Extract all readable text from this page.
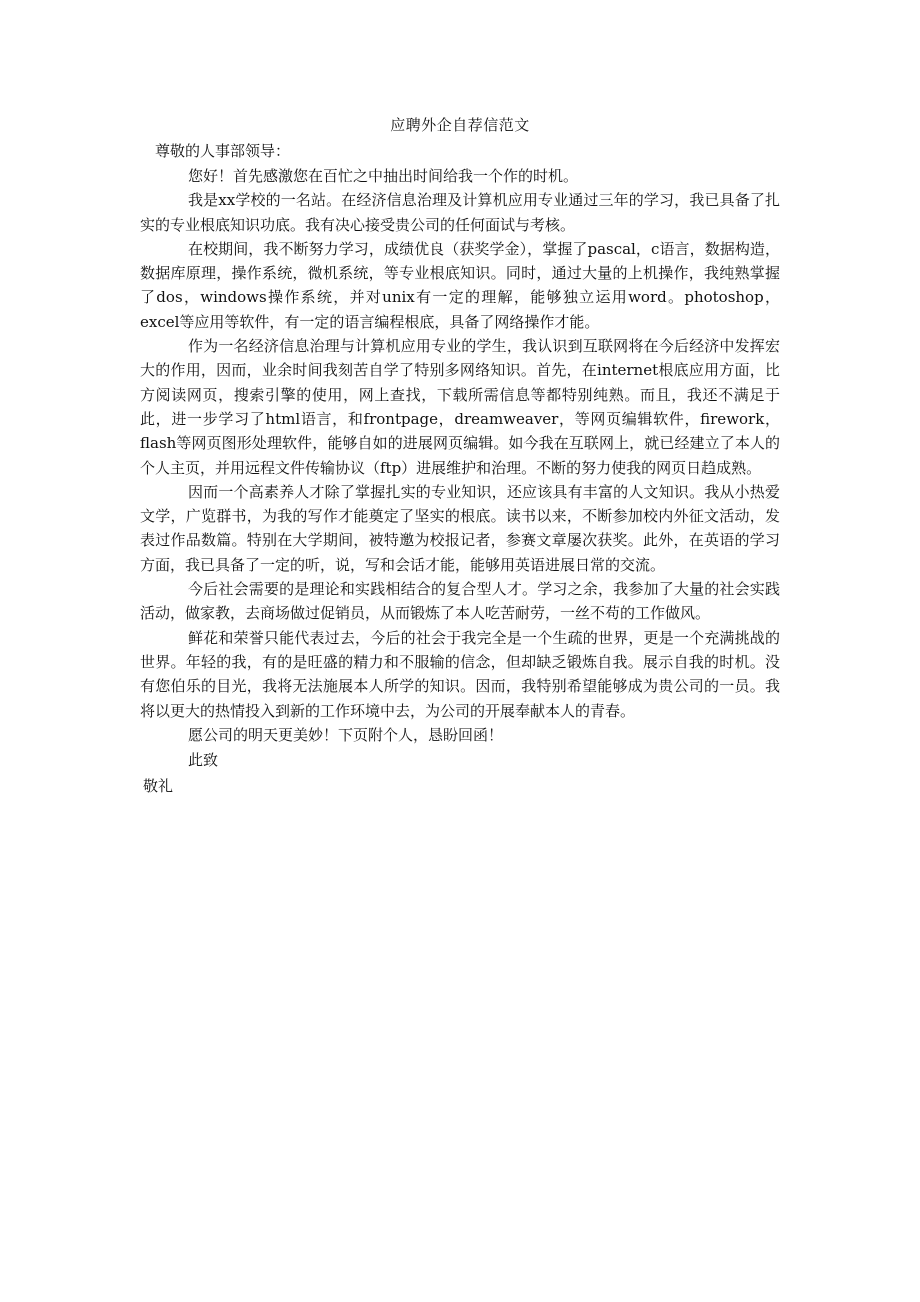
应聘外企自荐信范文

尊敬的人事部领导：

您好！首先感激您在百忙之中抽出时间给我一个作的时机。

我是xx学校的一名站。在经济信息治理及计算机应用专业通过三年的学习，我已具备了扎实的专业根底知识功底。我有决心接受贵公司的任何面试与考核。

在校期间，我不断努力学习，成绩优良（获奖学金），掌握了pascal，c语言，数据构造，数据库原理，操作系统，微机系统，等专业根底知识。同时，通过大量的上机操作，我纯熟掌握了dos，windows操作系统，并对unix有一定的理解，能够独立运用word。photoshop，excel等应用等软件，有一定的语言编程根底，具备了网络操作才能。

作为一名经济信息治理与计算机应用专业的学生，我认识到互联网将在今后经济中发挥宏大的作用，因而，业余时间我刻苦自学了特别多网络知识。首先，在internet根底应用方面，比方阅读网页，搜索引擎的使用，网上查找，下载所需信息等都特别纯熟。而且，我还不满足于此，进一步学习了html语言，和frontpage，dreamweaver，等网页编辑软件，firework，flash等网页图形处理软件，能够自如的进展网页编辑。如今我在互联网上，就已经建立了本人的个人主页，并用远程文件传输协议（ftp）进展维护和治理。不断的努力使我的网页日趋成熟。

因而一个高素养人才除了掌握扎实的专业知识，还应该具有丰富的人文知识。我从小热爱文学，广览群书，为我的写作才能奠定了坚实的根底。读书以来，不断参加校内外征文活动，发表过作品数篇。特别在大学期间，被特邀为校报记者，参赛文章屡次获奖。此外，在英语的学习方面，我已具备了一定的听，说，写和会话才能，能够用英语进展日常的交流。

今后社会需要的是理论和实践相结合的复合型人才。学习之余，我参加了大量的社会实践活动，做家教，去商场做过促销员，从而锻炼了本人吃苦耐劳，一丝不苟的工作做风。

鲜花和荣誉只能代表过去，今后的社会于我完全是一个生疏的世界，更是一个充满挑战的世界。年轻的我，有的是旺盛的精力和不服输的信念，但却缺乏锻炼自我。展示自我的时机。没有您伯乐的目光，我将无法施展本人所学的知识。因而，我特别希望能够成为贵公司的一员。我将以更大的热情投入到新的工作环境中去，为公司的开展奉献本人的青春。

愿公司的明天更美妙！下页附个人，恳盼回函！

此致

敬礼
